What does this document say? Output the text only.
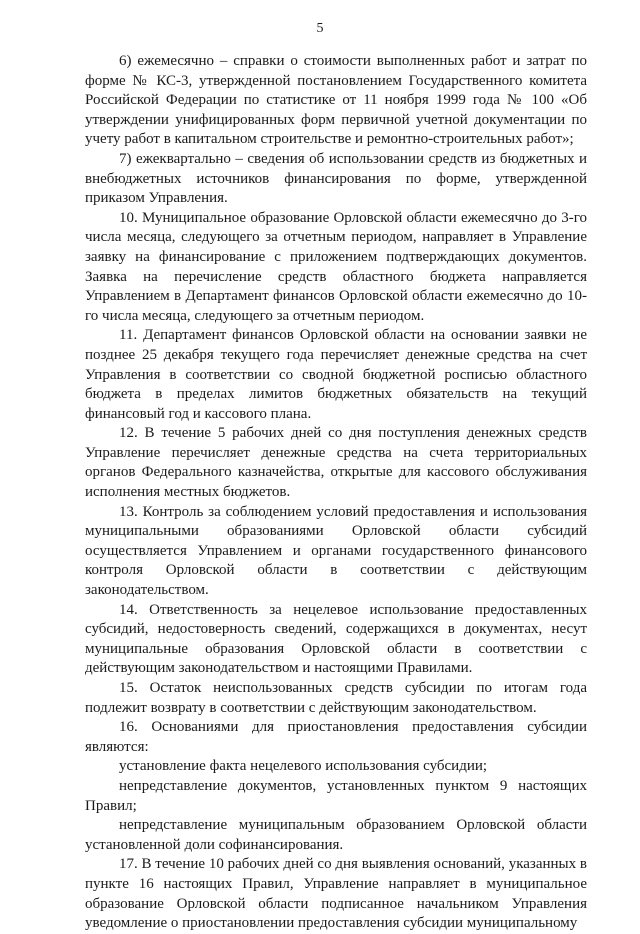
5

6) ежемесячно – справки о стоимости выполненных работ и затрат по форме № КС-3, утвержденной постановлением Государственного комитета Российской Федерации по статистике от 11 ноября 1999 года № 100 «Об утверждении унифицированных форм первичной учетной документации по учету работ в капитальном строительстве и ремонтно-строительных работ»;

7) ежеквартально – сведения об использовании средств из бюджетных и внебюджетных источников финансирования по форме, утвержденной приказом Управления.

10. Муниципальное образование Орловской области ежемесячно до 3-го числа месяца, следующего за отчетным периодом, направляет в Управление заявку на финансирование с приложением подтверждающих документов. Заявка на перечисление средств областного бюджета направляется Управлением в Департамент финансов Орловской области ежемесячно до 10-го числа месяца, следующего за отчетным периодом.

11. Департамент финансов Орловской области на основании заявки не позднее 25 декабря текущего года перечисляет денежные средства на счет Управления в соответствии со сводной бюджетной росписью областного бюджета в пределах лимитов бюджетных обязательств на текущий финансовый год и кассового плана.

12. В течение 5 рабочих дней со дня поступления денежных средств Управление перечисляет денежные средства на счета территориальных органов Федерального казначейства, открытые для кассового обслуживания исполнения местных бюджетов.

13. Контроль за соблюдением условий предоставления и использования муниципальными образованиями Орловской области субсидий осуществляется Управлением и органами государственного финансового контроля Орловской области в соответствии с действующим законодательством.

14. Ответственность за нецелевое использование предоставленных субсидий, недостоверность сведений, содержащихся в документах, несут муниципальные образования Орловской области в соответствии с действующим законодательством и настоящими Правилами.

15. Остаток неиспользованных средств субсидии по итогам года подлежит возврату в соответствии с действующим законодательством.

16. Основаниями для приостановления предоставления субсидии являются:

установление факта нецелевого использования субсидии;

непредставление документов, установленных пунктом 9 настоящих Правил;

непредставление муниципальным образованием Орловской области установленной доли софинансирования.

17. В течение 10 рабочих дней со дня выявления оснований, указанных в пункте 16 настоящих Правил, Управление направляет в муниципальное образование Орловской области подписанное начальником Управления уведомление о приостановлении предоставления субсидии муниципальному
